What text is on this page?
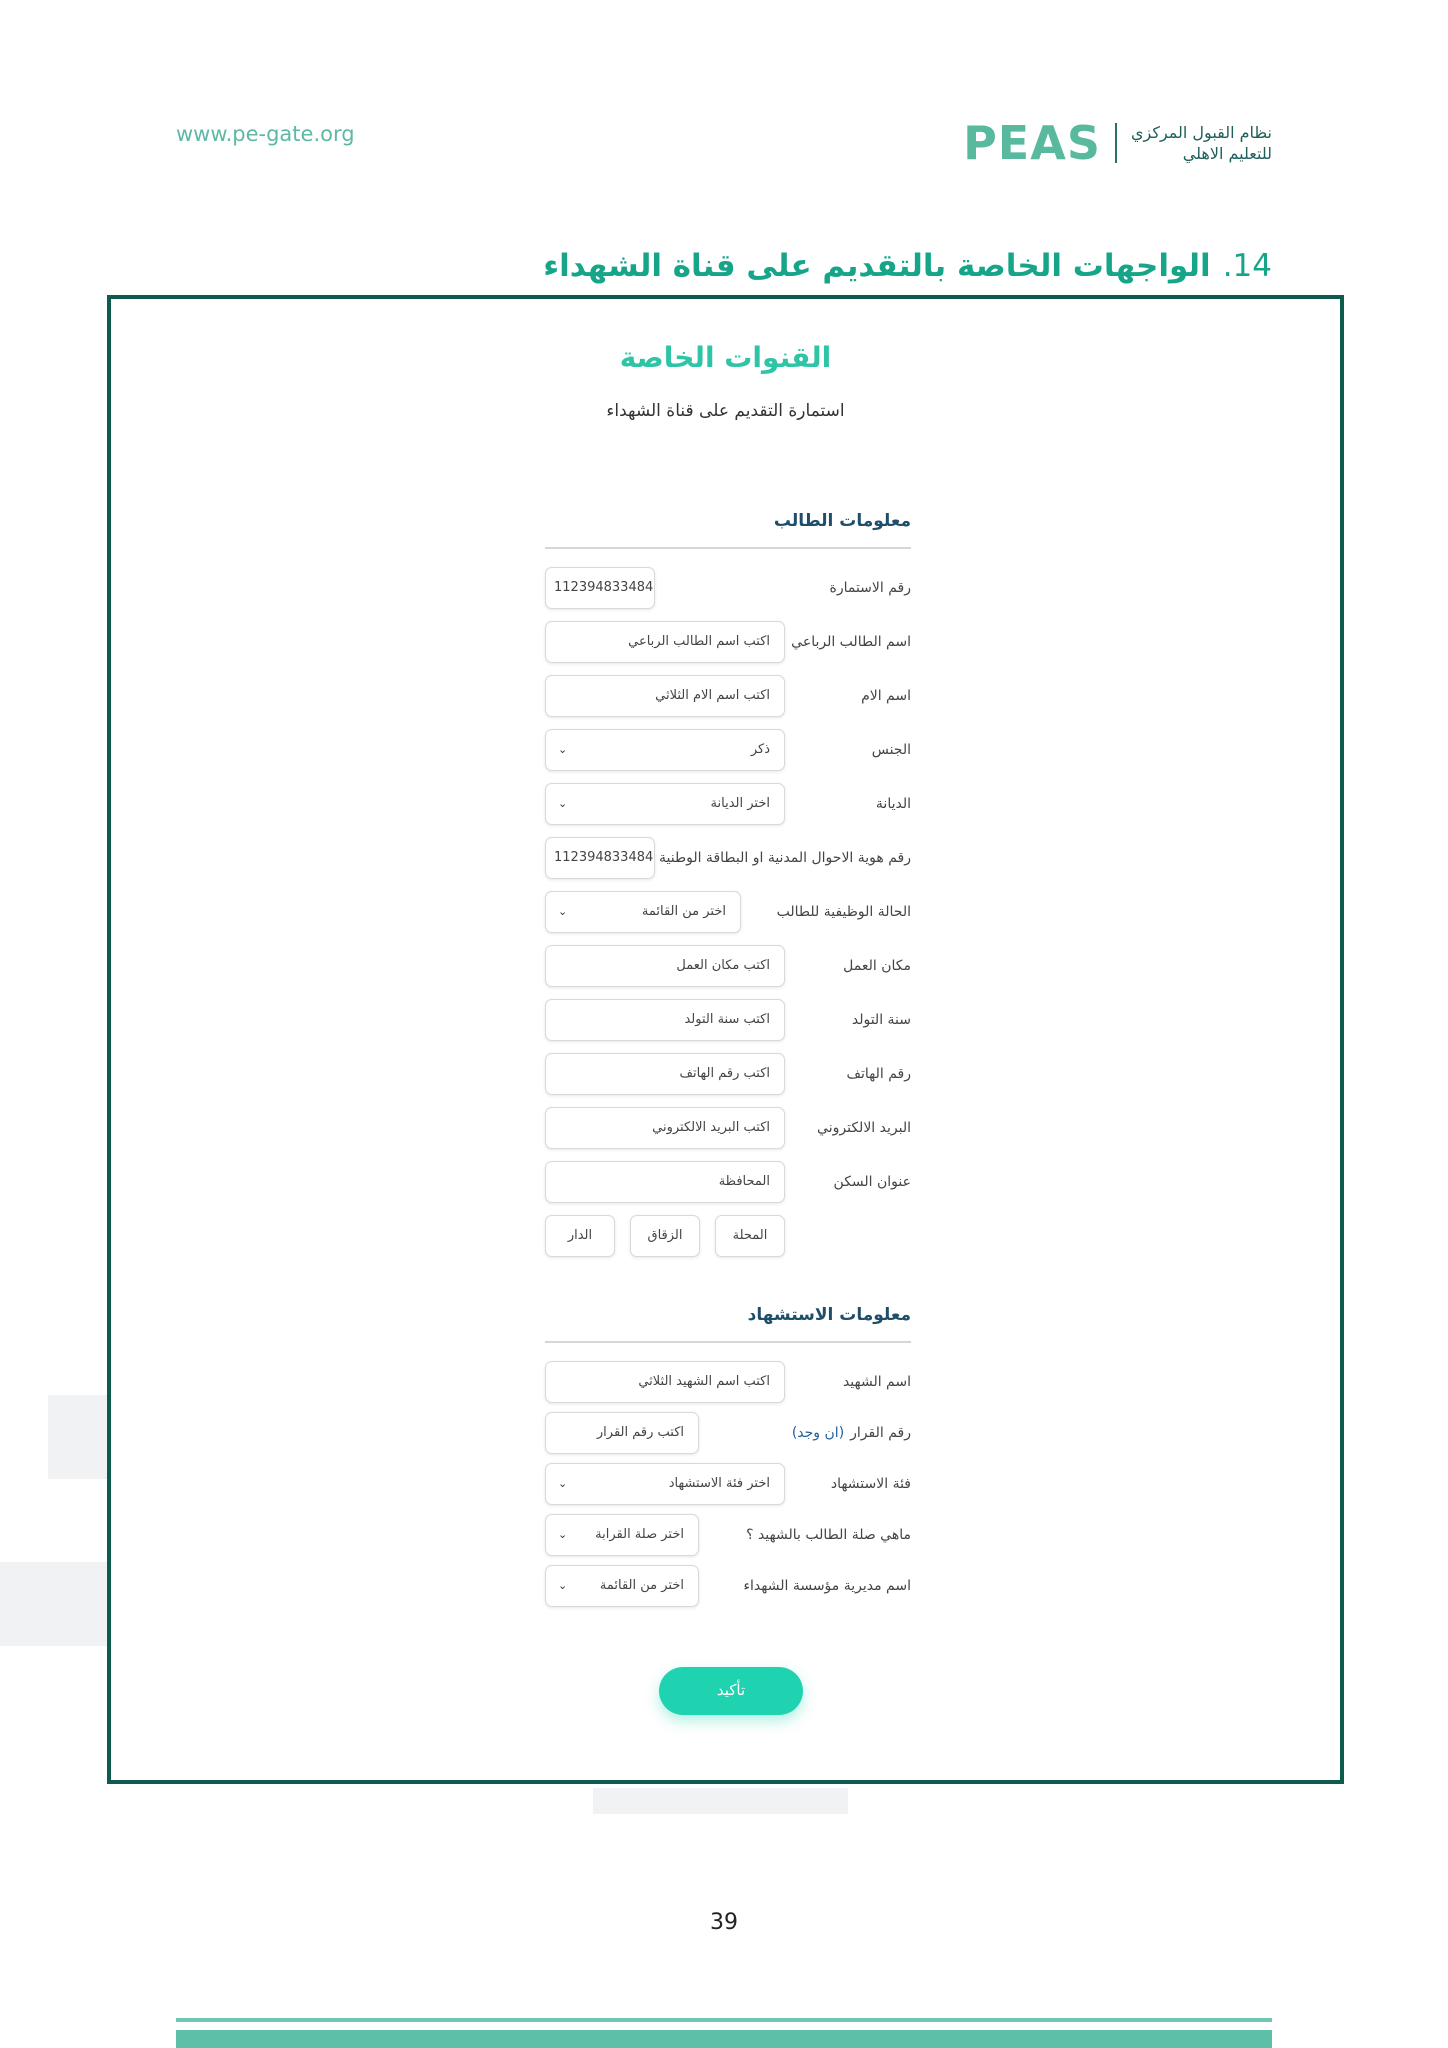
www.pe-gate.org	PEAS نظام القبول المركزي
للتعليم الاهلي
14.الواجهات الخاصة بالتقديم على قناة الشهداء
القنوات الخاصة
استمارة التقديم على قناة الشهداء
معلومات الطالب
رقم الاستمارة
112394833484
اسم الطالب الرباعي
اكتب اسم الطالب الرباعي
اسم الام
اكتب اسم الام الثلاثي
الجنس
ذكر
⌄
الديانة
اختر الديانة
⌄
رقم هوية الاحوال المدنية او البطاقة الوطنية
112394833484
الحالة الوظيفية للطالب
اختر من القائمة
⌄
مكان العمل
اكتب مكان العمل
سنة التولد
اكتب سنة التولد
رقم الهاتف
اكتب رقم الهاتف
البريد الالكتروني
اكتب البريد الالكتروني
عنوان السكن
المحافظة
المحلة
الزقاق
الدار
معلومات الاستشهاد
اسم الشهيد
اكتب اسم الشهيد الثلاثي
رقم القرار(ان وجد)
اكتب رقم القرار
فئة الاستشهاد
اختر فئة الاستشهاد
⌄
ماهي صلة الطالب بالشهيد ؟
اختر صلة القرابة
⌄
اسم مديرية مؤسسة الشهداء
اختر من القائمة
⌄
تأكيد
39
